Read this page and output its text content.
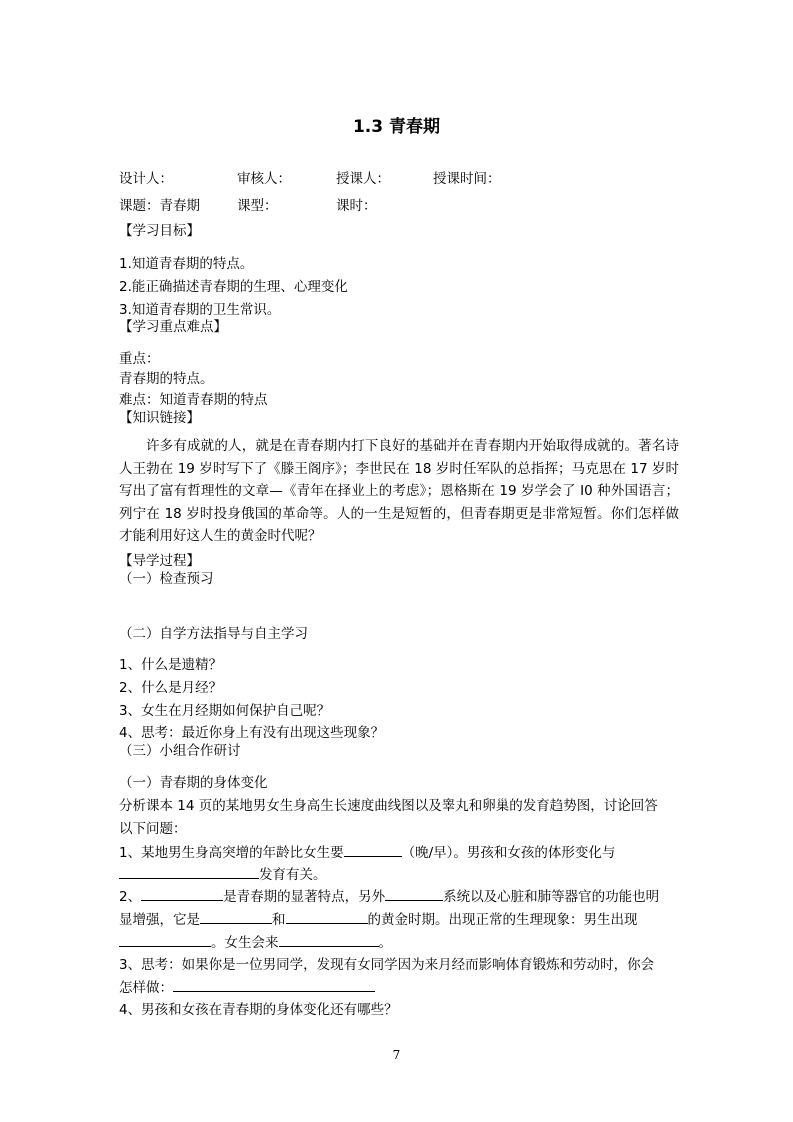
1.3 青春期
设计人：	审核人：	授课人：	授课时间：
课题：青春期	课型：	课时：
【学习目标】
1.知道青春期的特点。
2.能正确描述青春期的生理、心理变化
3.知道青春期的卫生常识。
【学习重点难点】
重点：
青春期的特点。
难点：知道青春期的特点
【知识链接】
许多有成就的人，就是在青春期内打下良好的基础并在青春期内开始取得成就的。著名诗人王勃在 19 岁时写下了《滕王阁序》；李世民在 18 岁时任军队的总指挥；马克思在 17 岁时写出了富有哲理性的文章—《青年在择业上的考虑》；恩格斯在 19 岁学会了 I0 种外国语言；列宁在 18 岁时投身俄国的革命等。人的一生是短暂的，但青春期更是非常短暂。你们怎样做才能利用好这人生的黄金时代呢？
【导学过程】
（一）检查预习
（二）自学方法指导与自主学习
1、什么是遗精？
2、什么是月经？
3、女生在月经期如何保护自己呢？
4、思考：最近你身上有没有出现这些现象？
（三）小组合作研讨
（一）青春期的身体变化
分析课本 14 页的某地男女生身高生长速度曲线图以及睾丸和卵巢的发育趋势图，讨论回答
以下问题：
1、某地男生身高突增的年龄比女生要	（晚/早）。男孩和女孩的体形变化与
发育有关。
2、	是青春期的显著特点，另外	系统以及心脏和肺等器官的功能也明
显增强，它是	和	的黄金时期。出现正常的生理现象：男生出现
。女生会来	。
3、思考：如果你是一位男同学，发现有女同学因为来月经而影响体育锻炼和劳动时，你会
怎样做：
4、男孩和女孩在青春期的身体变化还有哪些？
7
